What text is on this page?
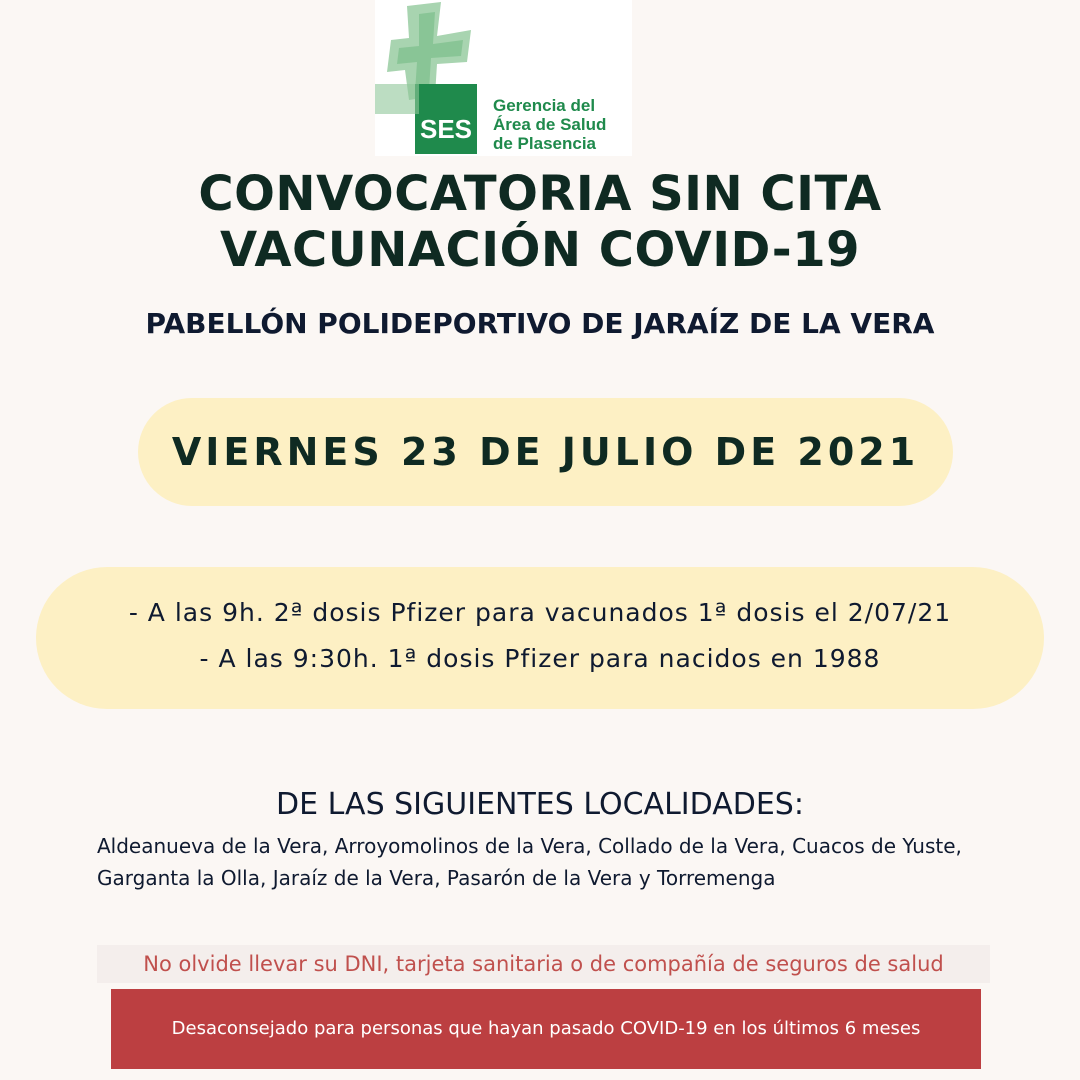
SES
Gerencia del
Área de Salud
de Plasencia
CONVOCATORIA SIN CITA
VACUNACIÓN COVID-19
PABELLÓN POLIDEPORTIVO DE JARAÍZ DE LA VERA
VIERNES 23 DE JULIO DE 2021
- A las 9h. 2ª dosis Pfizer para vacunados 1ª dosis el 2/07/21
- A las 9:30h. 1ª dosis Pfizer para nacidos en 1988
DE LAS SIGUIENTES LOCALIDADES:
Aldeanueva de la Vera, Arroyomolinos de la Vera, Collado de la Vera, Cuacos de Yuste, Garganta la Olla, Jaraíz de la Vera, Pasarón de la Vera y Torremenga
No olvide llevar su DNI, tarjeta sanitaria o de compañía de seguros de salud
Desaconsejado para personas que hayan pasado COVID-19 en los últimos 6 meses
